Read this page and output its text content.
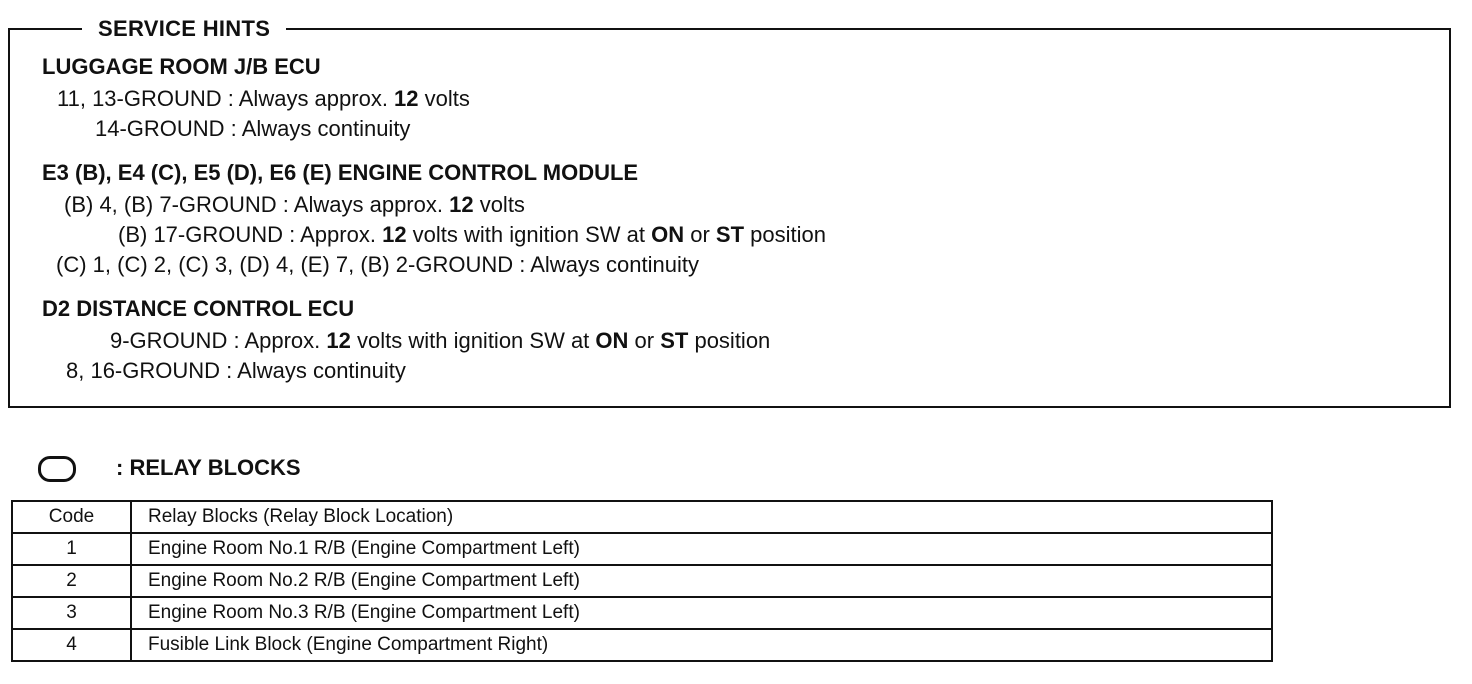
SERVICE HINTS
LUGGAGE ROOM J/B ECU
11, 13-GROUND : Always approx. 12 volts
14-GROUND : Always continuity
E3 (B), E4 (C), E5 (D), E6 (E) ENGINE CONTROL MODULE
(B) 4, (B) 7-GROUND : Always approx. 12 volts
(B) 17-GROUND : Approx. 12 volts with ignition SW at ON or ST position
(C) 1, (C) 2, (C) 3, (D) 4, (E) 7, (B) 2-GROUND : Always continuity
D2 DISTANCE CONTROL ECU
9-GROUND : Approx. 12 volts with ignition SW at ON or ST position
8, 16-GROUND : Always continuity
: RELAY BLOCKS
Code	Relay Blocks (Relay Block Location)
1	Engine Room No.1 R/B (Engine Compartment Left)
2	Engine Room No.2 R/B (Engine Compartment Left)
3	Engine Room No.3 R/B (Engine Compartment Left)
4	Fusible Link Block (Engine Compartment Right)
